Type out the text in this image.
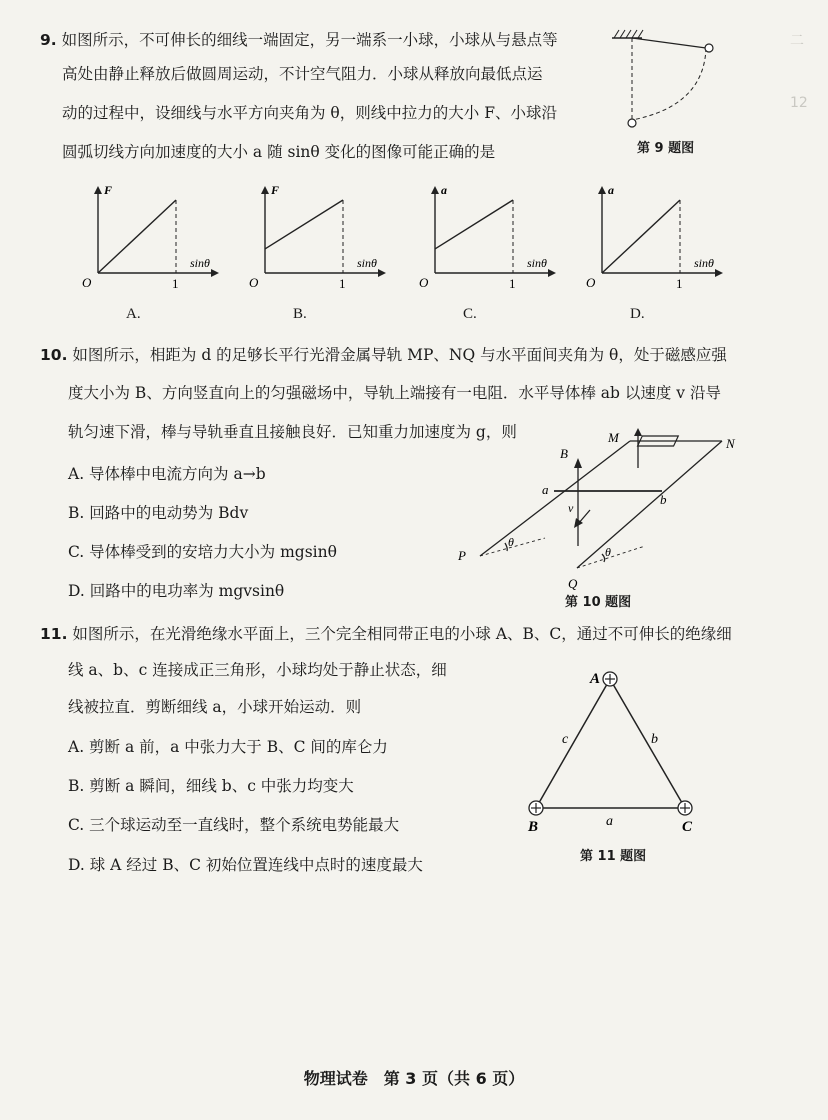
二
12
9. 如图所示，不可伸长的细线一端固定，另一端系一小球，小球从与悬点等
高处由静止释放后做圆周运动，不计空气阻力．小球从释放向最低点运
动的过程中，设细线与水平方向夹角为 θ，则线中拉力的大小 F、小球沿
圆弧切线方向加速度的大小 a 随 sinθ 变化的图像可能正确的是	第 9 题图
F
sinθ
O	1
A.
F
sinθ
O	1
B.
a
sinθ
O	1
C.
a
sinθ
O	1
D.
10. 如图所示，相距为 d 的足够长平行光滑金属导轨 MP、NQ 与水平面间夹角为 θ，处于磁感应强
度大小为 B、方向竖直向上的匀强磁场中，导轨上端接有一电阻．水平导体棒 ab 以速度 v 沿导
轨匀速下滑，棒与导轨垂直且接触良好．已知重力加速度为 g，则
A. 导体棒中电流方向为 a→b
B. 回路中的电动势为 Bdv
C. 导体棒受到的安培力大小为 mgsinθ
D. 回路中的电功率为 mgvsinθ
M	N
P
Q
a
b
B
v
θ
θ
第 10 题图
11. 如图所示，在光滑绝缘水平面上，三个完全相同带正电的小球 A、B、C，通过不可伸长的绝缘细
线 a、b、c 连接成正三角形，小球均处于静止状态，细
线被拉直．剪断细线 a，小球开始运动．则
A. 剪断 a 前，a 中张力大于 B、C 间的库仑力
B. 剪断 a 瞬间，细线 b、c 中张力均变大
C. 三个球运动至一直线时，整个系统电势能最大
D. 球 A 经过 B、C 初始位置连线中点时的速度最大
A
B	C
c	b
a
第 11 题图
物理试卷　第 3 页（共 6 页）
